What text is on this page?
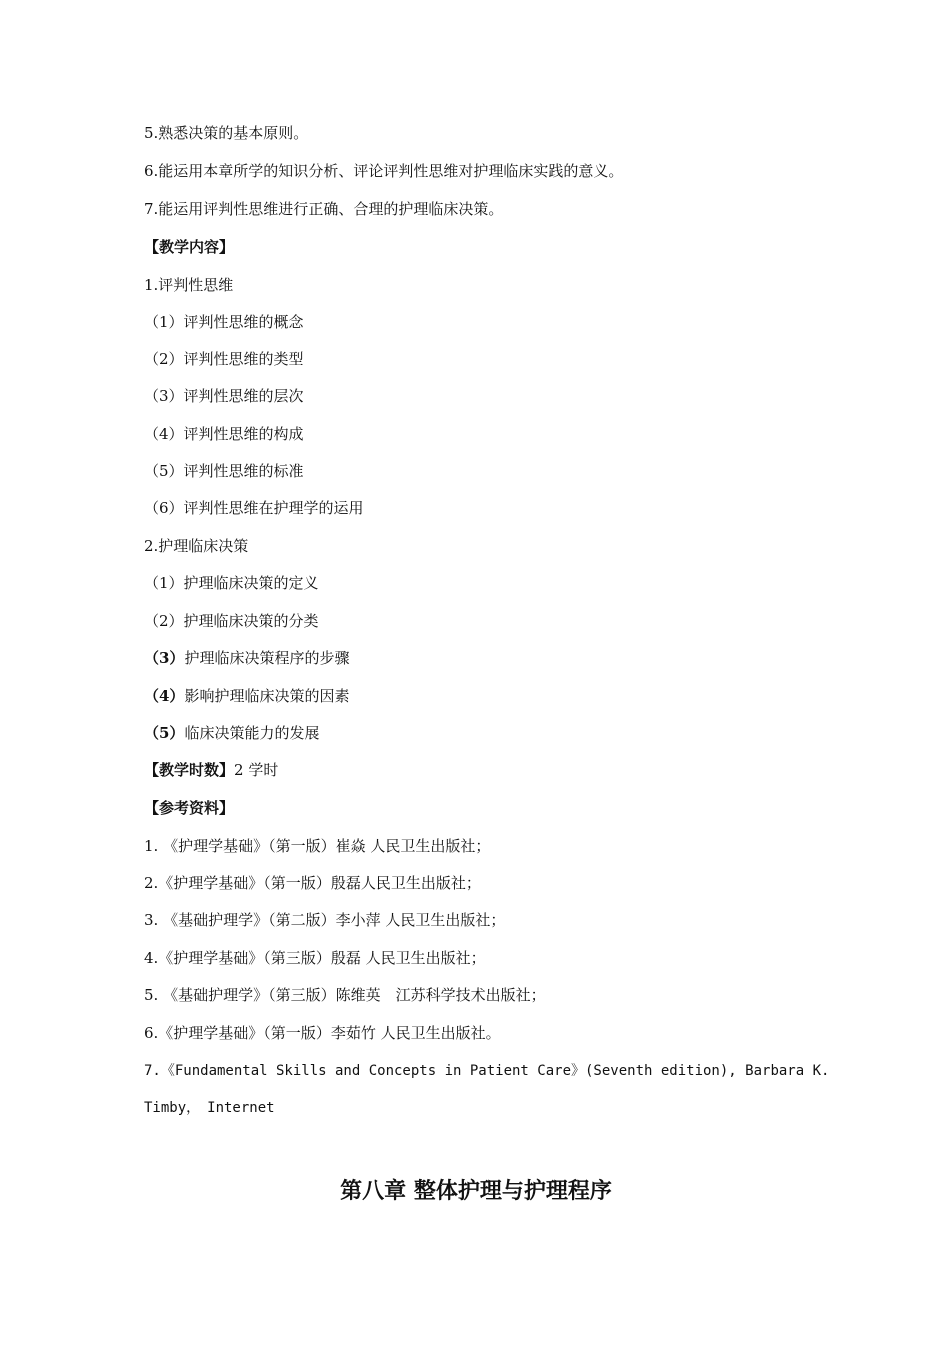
5.熟悉决策的基本原则。
6.能运用本章所学的知识分析、评论评判性思维对护理临床实践的意义。
7.能运用评判性思维进行正确、合理的护理临床决策。
【教学内容】
1.评判性思维
（1）评判性思维的概念
（2）评判性思维的类型
（3）评判性思维的层次
（4）评判性思维的构成
（5）评判性思维的标准
（6）评判性思维在护理学的运用
2.护理临床决策
（1）护理临床决策的定义
（2）护理临床决策的分类
（3）护理临床决策程序的步骤
（4）影响护理临床决策的因素
（5）临床决策能力的发展
【教学时数】2 学时
【参考资料】
1. 《护理学基础》（第一版）崔焱 人民卫生出版社；
2.《护理学基础》（第一版）殷磊人民卫生出版社；
3. 《基础护理学》（第二版）李小萍 人民卫生出版社；
4.《护理学基础》（第三版）殷磊 人民卫生出版社；
5. 《基础护理学》（第三版）陈维英　江苏科学技术出版社；
6.《护理学基础》（第一版）李茹竹 人民卫生出版社。
7.《Fundamental Skills and Concepts in Patient Care》(Seventh edition), Barbara K.
Timby，　Internet
第八章 整体护理与护理程序
